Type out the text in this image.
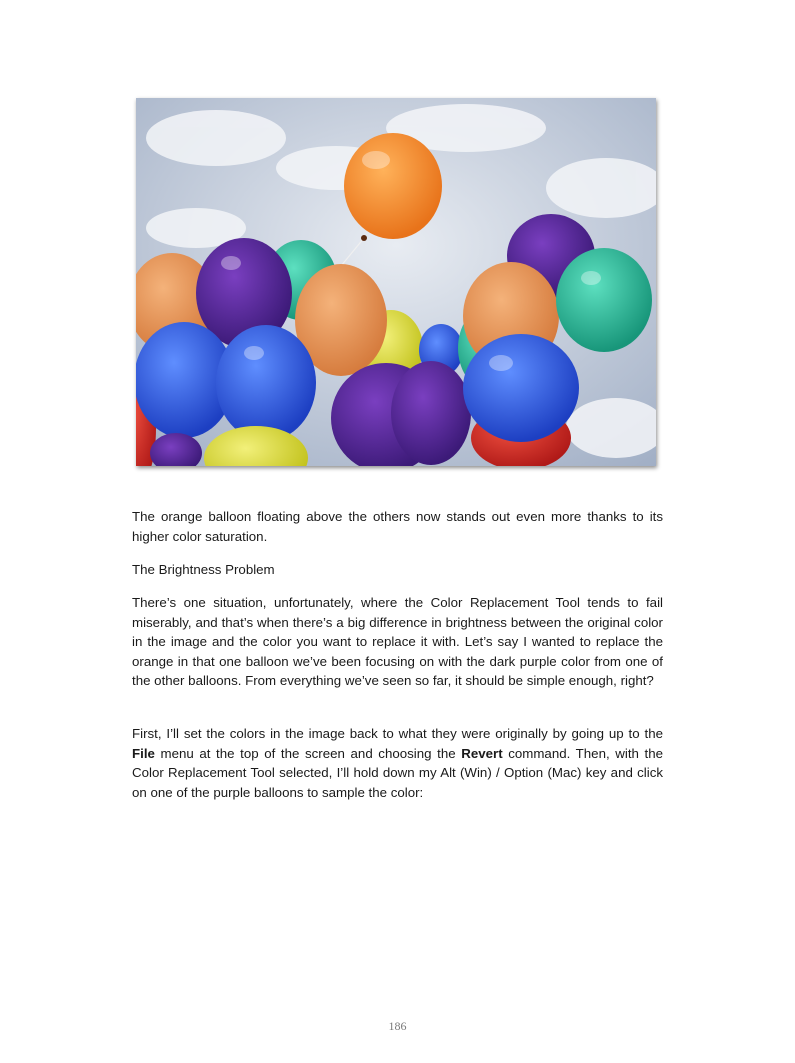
The orange balloon floating above the others now stands out even more thanks to its higher color saturation.

The Brightness Problem

There’s one situation, unfortunately, where the Color Replacement Tool tends to fail miserably, and that’s when there’s a big difference in brightness between the original color in the image and the color you want to replace it with. Let’s say I wanted to replace the orange in that one balloon we’ve been focusing on with the dark purple color from one of the other balloons. From everything we’ve seen so far, it should be simple enough, right?

First, I’ll set the colors in the image back to what they were originally by going up to the File menu at the top of the screen and choosing the Revert command. Then, with the Color Replacement Tool selected, I’ll hold down my Alt (Win) / Option (Mac) key and click on one of the purple balloons to sample the color:

186
